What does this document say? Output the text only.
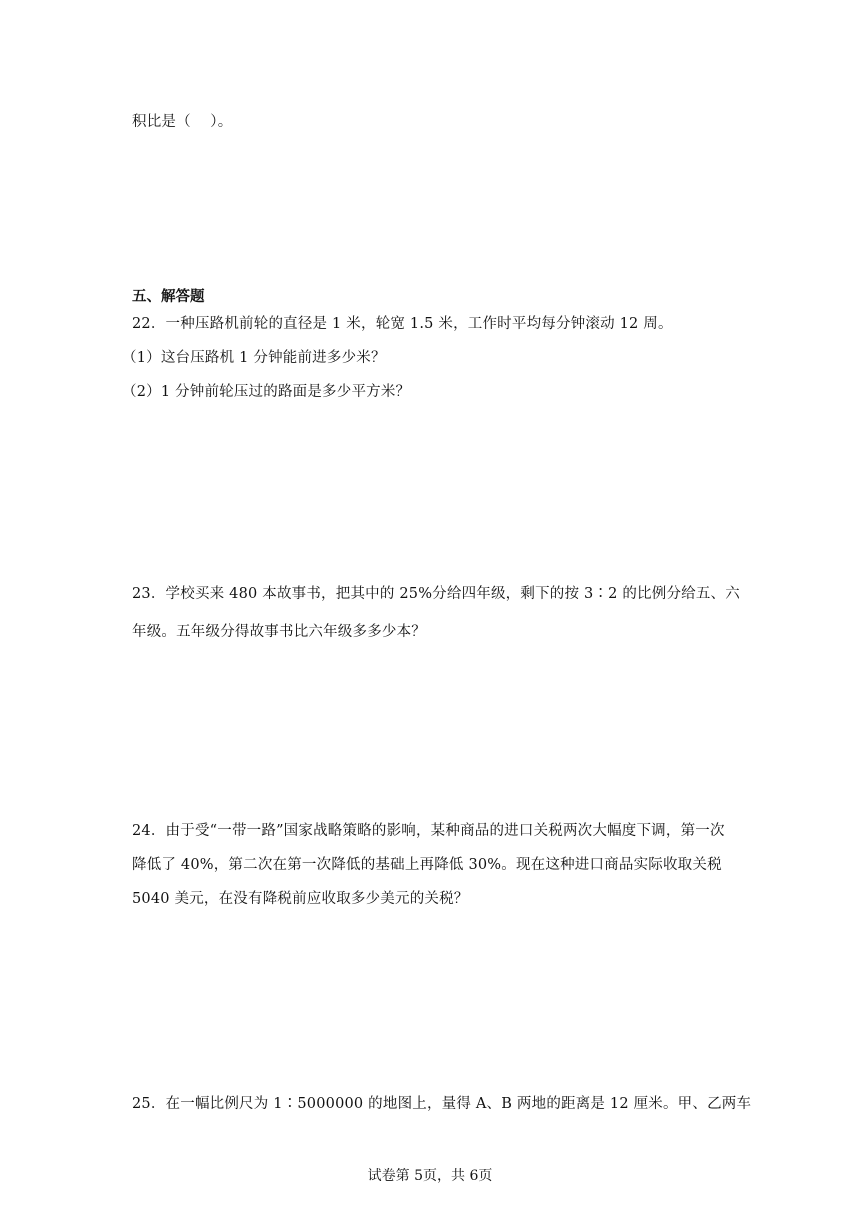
积比是（　 ）。
五、解答题
22．一种压路机前轮的直径是 1 米，轮宽 1.5 米，工作时平均每分钟滚动 12 周。
（1）这台压路机 1 分钟能前进多少米？
（2）1 分钟前轮压过的路面是多少平方米？
23．学校买来 480 本故事书，把其中的 25%分给四年级，剩下的按 3∶2 的比例分给五、六
年级。五年级分得故事书比六年级多多少本？
24．由于受“一带一路”国家战略策略的影响，某种商品的进口关税两次大幅度下调，第一次
降低了 40%，第二次在第一次降低的基础上再降低 30%。现在这种进口商品实际收取关税
5040 美元，在没有降税前应收取多少美元的关税？
25．在一幅比例尺为 1∶5000000 的地图上，量得 A、B 两地的距离是 12 厘米。甲、乙两车
试卷第 5页，共 6页
